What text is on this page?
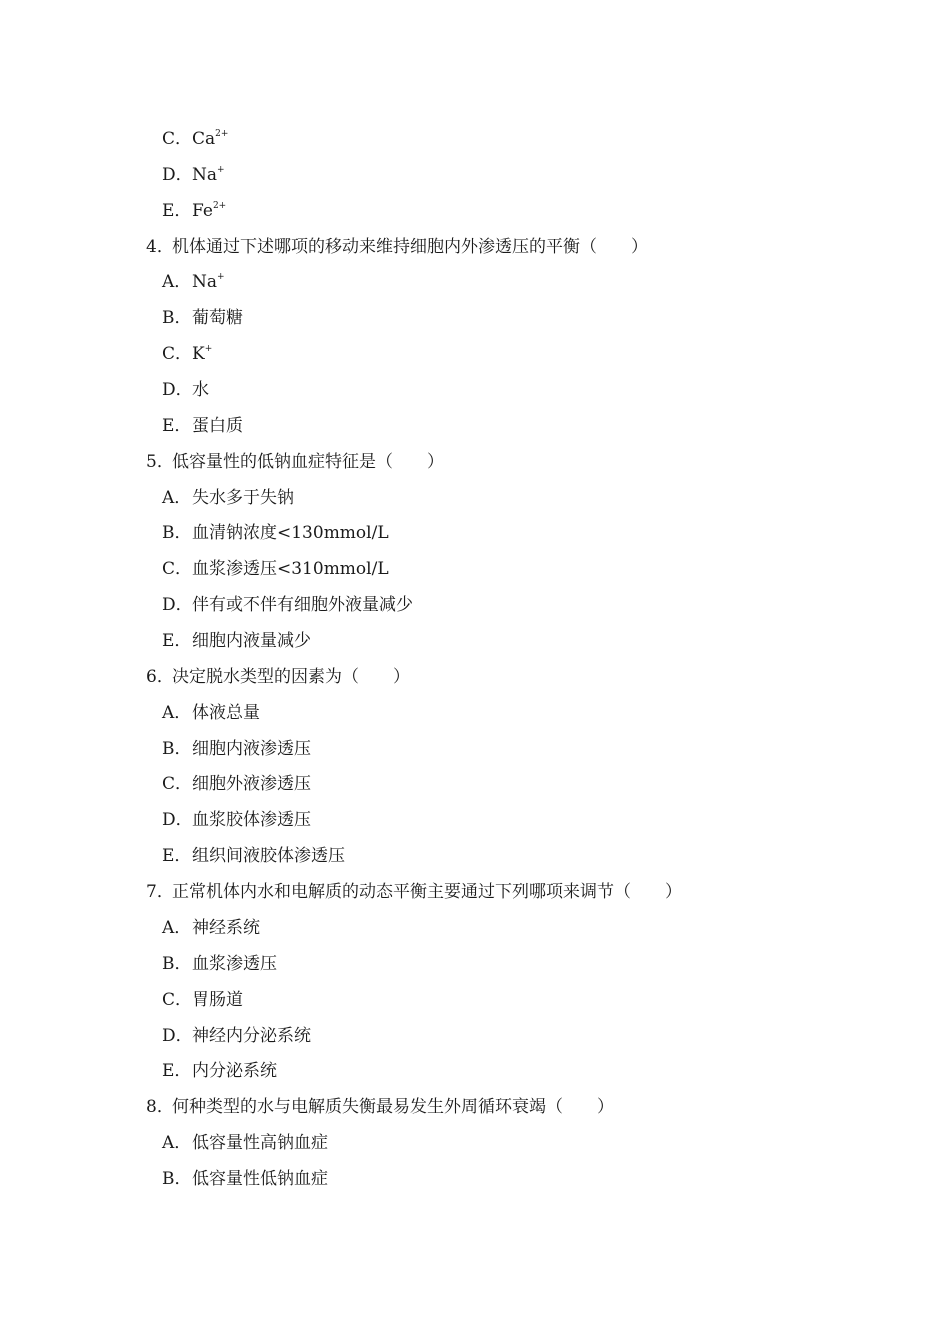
C．$Ca^{2+}$
D．Na+
E．$Fe^{2+}$
4．机体通过下述哪项的移动来维持细胞内外渗透压的平衡（　　）
A．Na+
B．葡萄糖
C．K+
D．水
E．蛋白质
5．低容量性的低钠血症特征是（　　）
A．失水多于失钠
B．血清钠浓度<130mmol/L
C．血浆渗透压<310mmol/L
D．伴有或不伴有细胞外液量减少
E．细胞内液量减少
6．决定脱水类型的因素为（　　）
A．体液总量
B．细胞内液渗透压
C．细胞外液渗透压
D．血浆胶体渗透压
E．组织间液胶体渗透压
7．正常机体内水和电解质的动态平衡主要通过下列哪项来调节（　　）
A．神经系统
B．血浆渗透压
C．胃肠道
D．神经内分泌系统
E．内分泌系统
8．何种类型的水与电解质失衡最易发生外周循环衰竭（　　）
A．低容量性高钠血症
B．低容量性低钠血症
